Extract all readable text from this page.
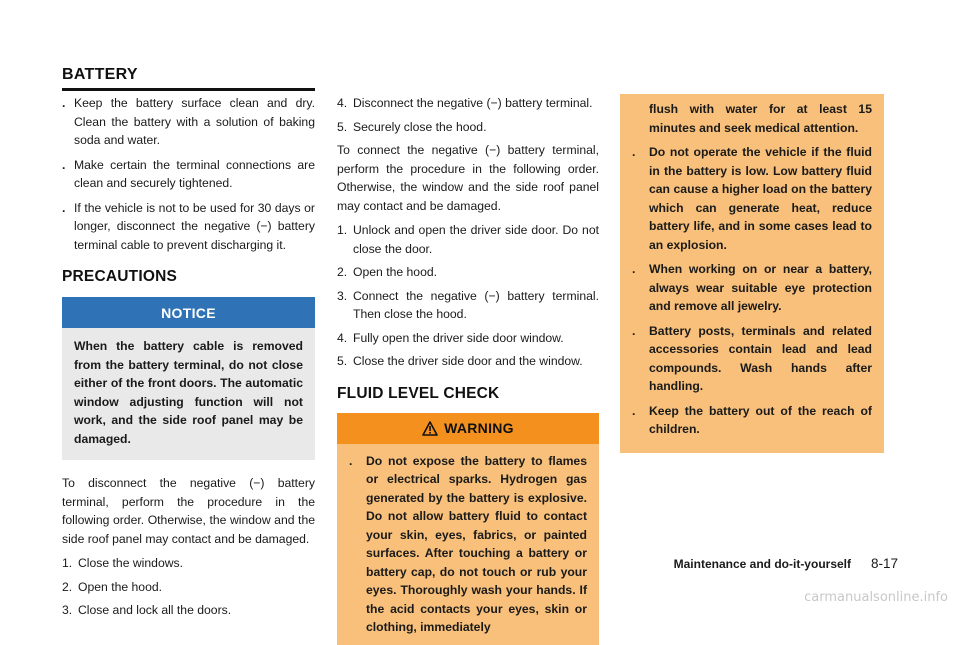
BATTERY
. Keep the battery surface clean and dry. Clean the battery with a solution of baking soda and water.
. Make certain the terminal connections are clean and securely tightened.
. If the vehicle is not to be used for 30 days or longer, disconnect the negative (−) battery terminal cable to prevent discharging it.
PRECAUTIONS
NOTICE
When the battery cable is removed from the battery terminal, do not close either of the front doors. The automatic window adjusting function will not work, and the side roof panel may be damaged.

To disconnect the negative (−) battery terminal, perform the procedure in the following order. Otherwise, the window and the side roof panel may contact and be damaged.

1. Close the windows.
2. Open the hood.
3. Close and lock all the doors.
4. Disconnect the negative (−) battery terminal.
5. Securely close the hood.

To connect the negative (−) battery terminal, perform the procedure in the following order. Otherwise, the window and the side roof panel may contact and be damaged.

1. Unlock and open the driver side door. Do not close the door.
2. Open the hood.
3. Connect the negative (−) battery terminal. Then close the hood.
4. Fully open the driver side door window.
5. Close the driver side door and the window.
FLUID LEVEL CHECK
WARNING
. Do not expose the battery to flames or electrical sparks. Hydrogen gas generated by the battery is explosive. Do not allow battery fluid to contact your skin, eyes, fabrics, or painted surfaces. After touching a battery or battery cap, do not touch or rub your eyes. Thoroughly wash your hands. If the acid contacts your eyes, skin or clothing, immediately

flush with water for at least 15 minutes and seek medical attention.

. Do not operate the vehicle if the fluid in the battery is low. Low battery fluid can cause a higher load on the battery which can generate heat, reduce battery life, and in some cases lead to an explosion.
. When working on or near a battery, always wear suitable eye protection and remove all jewelry.
. Battery posts, terminals and related accessories contain lead and lead compounds. Wash hands after handling.
. Keep the battery out of the reach of children.
Maintenance and do-it-yourself 8-17
carmanualsonline.info
